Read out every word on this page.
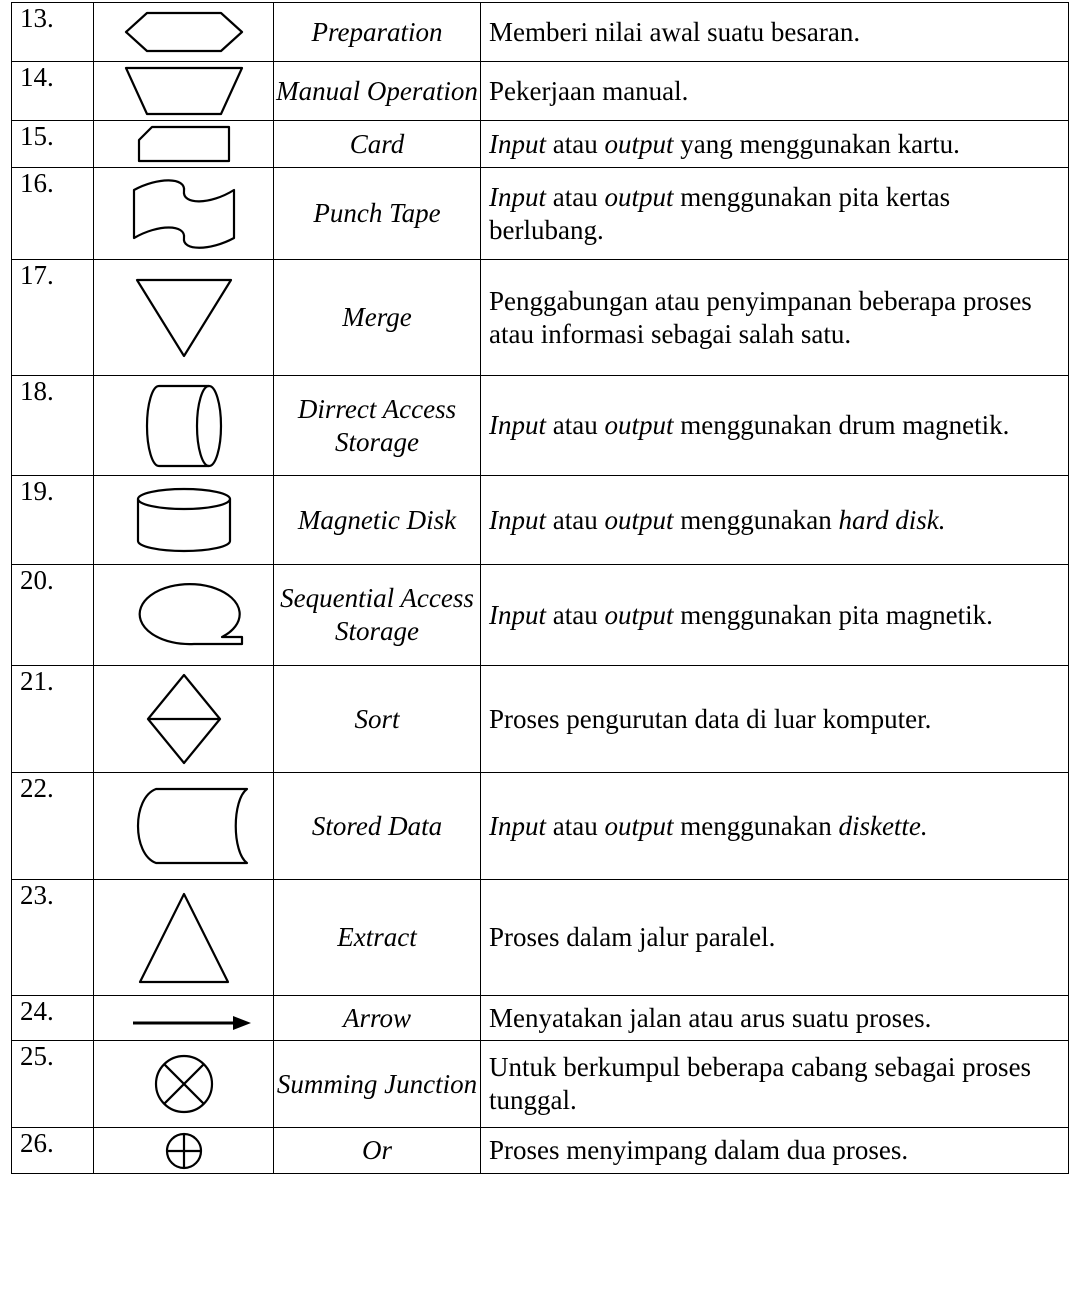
13.		Preparation	Memberi nilai awal suatu besaran.
14.		Manual Operation	Pekerjaan manual.
15.		Card	Input atau output yang menggunakan kartu.
16.		Punch Tape	Input atau output menggunakan pita kertas berlubang.
17.		Merge	Penggabungan atau penyimpanan beberapa proses atau informasi sebagai salah satu.
18.		Dirrect Access Storage	Input atau output menggunakan drum magnetik.
19.		Magnetic Disk	Input atau output menggunakan hard disk.
20.		Sequential Access Storage	Input atau output menggunakan pita magnetik.
21.		Sort	Proses pengurutan data di luar komputer.
22.		Stored Data	Input atau output menggunakan diskette.
23.		Extract	Proses dalam jalur paralel.
24.		Arrow	Menyatakan jalan atau arus suatu proses.
25.		Summing Junction	Untuk berkumpul beberapa cabang sebagai proses tunggal.
26.		Or	Proses menyimpang dalam dua proses.
